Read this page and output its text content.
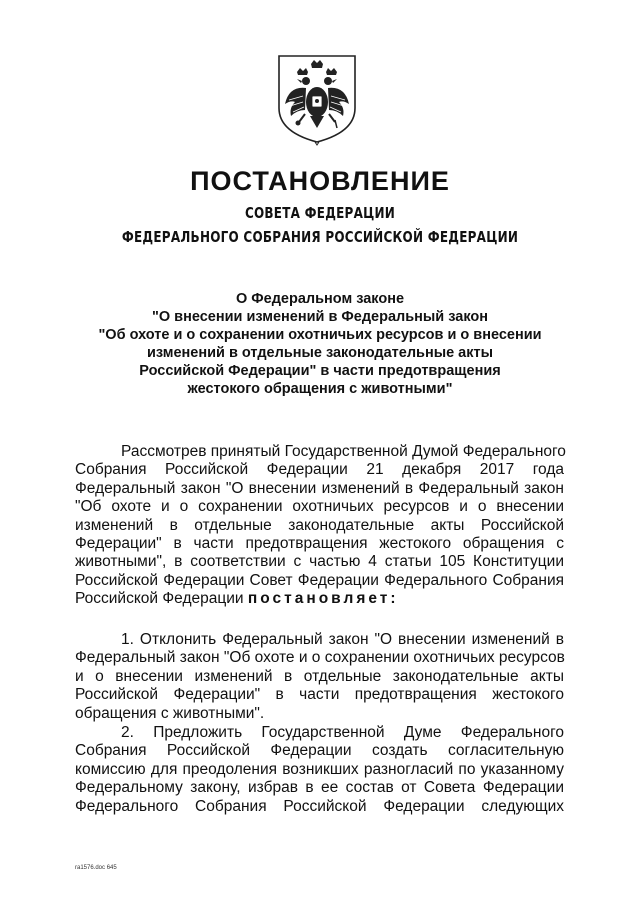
ПОСТАНОВЛЕНИЕ
СОВЕТА ФЕДЕРАЦИИ
ФЕДЕРАЛЬНОГО СОБРАНИЯ РОССИЙСКОЙ ФЕДЕРАЦИИ
О Федеральном законе
"О внесении изменений в Федеральный закон
"Об охоте и о сохранении охотничьих ресурсов и о внесении
изменений в отдельные законодательные акты
Российской Федерации" в части предотвращения
жестокого обращения с животными"
Рассмотрев принятый Государственной Думой Федерального
Собрания Российской Федерации 21 декабря 2017 года
Федеральный закон "О внесении изменений в Федеральный закон
"Об охоте и о сохранении охотничьих ресурсов и о внесении
изменений в отдельные законодательные акты Российской
Федерации" в части предотвращения жестокого обращения с
животными", в соответствии с частью 4 статьи 105 Конституции
Российской Федерации Совет Федерации Федерального Собрания
Российской Федерации постановляет:
1. Отклонить Федеральный закон "О внесении изменений в
Федеральный закон "Об охоте и о сохранении охотничьих ресурсов
и о внесении изменений в отдельные законодательные акты
Российской Федерации" в части предотвращения жестокого
обращения с животными".
2. Предложить Государственной Думе Федерального
Собрания Российской Федерации создать согласительную
комиссию для преодоления возникших разногласий по указанному
Федеральному закону, избрав в ее состав от Совета Федерации
Федерального Собрания Российской Федерации следующих
ra1576.doc 645
